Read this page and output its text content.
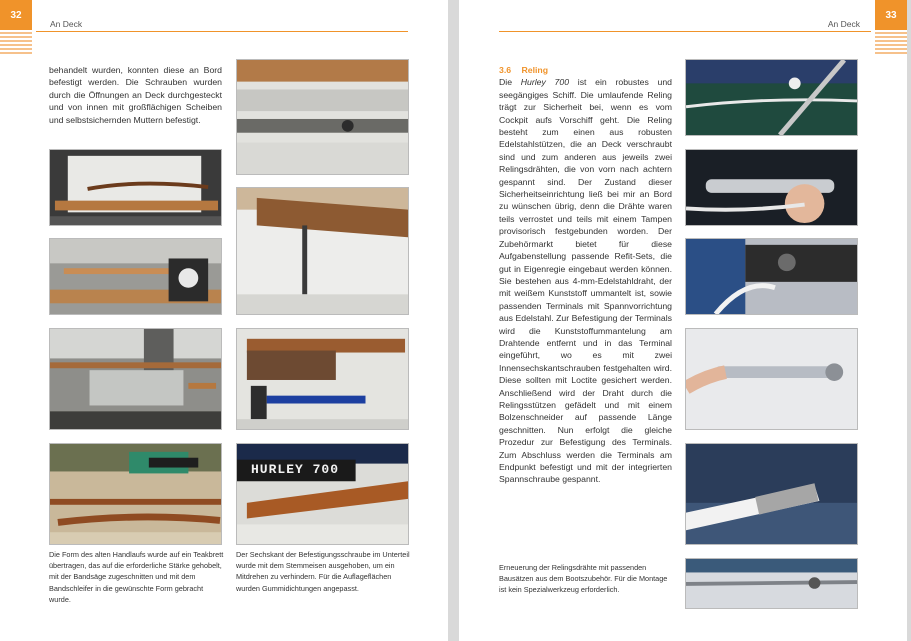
32
An Deck
behandelt wurden, konnten diese an Bord befestigt werden. Die Schrauben wurden durch die Öffnungen an Deck durchgesteckt und von innen mit großflächigen Scheiben und selbstsichernden Muttern befestigt.
Die Form des alten Handlaufs wurde auf ein Teakbrett übertragen, das auf die erforderliche Stärke gehobelt, mit der Bandsäge zugeschnitten und mit dem Bandschleifer in die gewünschte Form gebracht wurde.
HURLEY 700
Der Sechskant der Befestigungsschraube im Unterteil wurde mit dem Stemmeisen ausgehoben, um ein Mitdrehen zu verhindern. Für die Auflageflächen wurden Gummidichtungen angepasst.
33
An Deck
3.6 Reling
Die Hurley 700 ist ein robustes und seegängiges Schiff. Die umlaufende Reling trägt zur Sicherheit bei, wenn es vom Cockpit aufs Vorschiff geht. Die Reling besteht zum einen aus robusten Edelstahlstützen, die an Deck verschraubt sind und zum anderen aus jeweils zwei Relingsdrähten, die von vorn nach achtern gespannt sind. Der Zustand dieser Sicherheitseinrichtung ließ bei mir an Bord zu wünschen übrig, denn die Drähte waren teils verrostet und teils mit einem Tampen provisorisch festgebunden worden. Der Zubehörmarkt bietet für diese Aufgabenstellung passende Refit-Sets, die gut in Eigenregie eingebaut werden können. Sie bestehen aus 4-mm-Edelstahldraht, der mit weißem Kunststoff ummantelt ist, sowie passenden Terminals mit Spannvorrichtung aus Edelstahl. Zur Befestigung der Terminals wird die Kunststoffummantelung am Drahtende entfernt und in das Terminal eingeführt, wo es mit zwei Innensechskantschrauben festgehalten wird. Diese sollten mit Loctite gesichert werden. Anschließend wird der Draht durch die Relingsstützen gefädelt und mit einem Bolzenschneider auf passende Länge geschnitten. Nun erfolgt die gleiche Prozedur zur Befestigung des Terminals. Zum Abschluss werden die Terminals am Endpunkt befestigt und mit der integrierten Spannschraube gespannt.
Erneuerung der Relingsdrähte mit passenden Bausätzen aus dem Bootszubehör. Für die Montage ist kein Spezialwerkzeug erforderlich.
